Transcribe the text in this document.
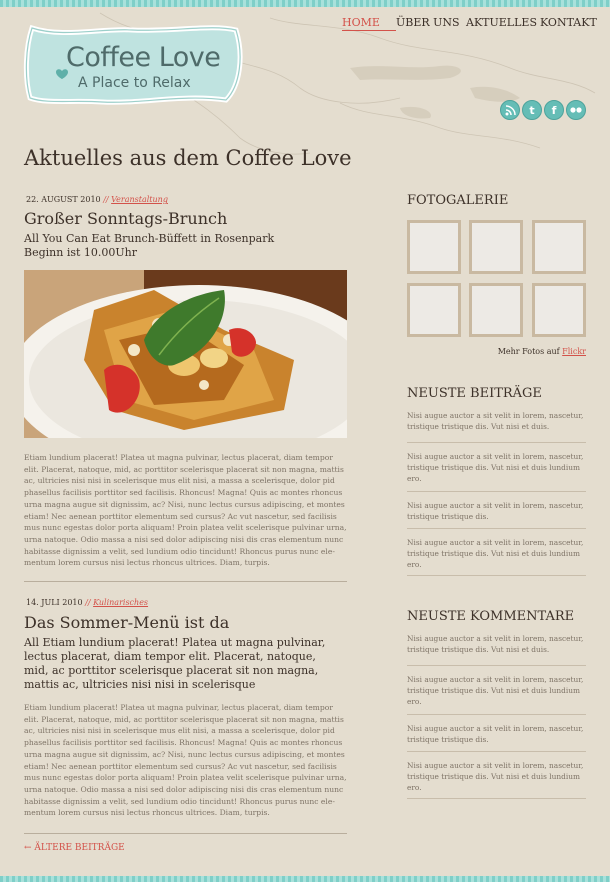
Coffee Love
A Place to Relax
HOME	ÜBER UNS AKTUELLES KONTAKT
t	f
Aktuelles aus dem Coffee Love
22. AUGUST 2010 // Veranstaltung
Großer Sonntags-Brunch
All You Can Eat Brunch-Büffett in Rosenpark
Beginn ist 10.00Uhr
Etiam lundium placerat! Platea ut magna pulvinar, lectus placerat, diam tempor elit. Placerat, natoque, mid, ac porttitor scelerisque placerat sit non magna, mattis ac, ultricies nisi nisi in scelerisque mus elit nisi, a massa a scelerisque, dolor pid phasellus facilisis porttitor sed facilisis. Rhoncus! Magna! Quis ac montes rhoncus urna magna augue sit dignissim, ac? Nisi, nunc lectus cursus adipiscing, et montes etiam! Nec aenean porttitor elementum sed cursus? Ac vut nascetur, sed facilisis mus nunc egestas dolor porta aliquam! Proin platea velit scelerisque pulvinar urna, urna natoque. Odio massa a nisi sed dolor adipiscing nisi dis cras elementum nunc habitasse dignissim a velit, sed lundium odio tincidunt! Rhoncus purus nunc ele-mentum lorem cursus nisi lectus rhoncus ultrices. Diam, turpis.
14. JULI 2010 // Kulinarisches
Das Sommer-Menü ist da
All Etiam lundium placerat! Platea ut magna pulvinar,
lectus placerat, diam tempor elit. Placerat, natoque,
mid, ac porttitor scelerisque placerat sit non magna,
mattis ac, ultricies nisi nisi in scelerisque
Etiam lundium placerat! Platea ut magna pulvinar, lectus placerat, diam tempor elit. Placerat, natoque, mid, ac porttitor scelerisque placerat sit non magna, mattis ac, ultricies nisi nisi in scelerisque mus elit nisi, a massa a scelerisque, dolor pid phasellus facilisis porttitor sed facilisis. Rhoncus! Magna! Quis ac montes rhoncus urna magna augue sit dignissim, ac? Nisi, nunc lectus cursus adipiscing, et montes etiam! Nec aenean porttitor elementum sed cursus? Ac vut nascetur, sed facilisis mus nunc egestas dolor porta aliquam! Proin platea velit scelerisque pulvinar urna, urna natoque. Odio massa a nisi sed dolor adipiscing nisi dis cras elementum nunc habitasse dignissim a velit, sed lundium odio tincidunt! Rhoncus purus nunc ele-mentum lorem cursus nisi lectus rhoncus ultrices. Diam, turpis.
← ÄLTERE BEITRÄGE
FOTOGALERIE
Mehr Fotos auf Flickr
NEUSTE BEITRÄGE
Nisi augue auctor a sit velit in lorem, nascetur, tristique tristique dis. Vut nisi et duis.
Nisi augue auctor a sit velit in lorem, nascetur, tristique tristique dis. Vut nisi et duis lundium ero.
Nisi augue auctor a sit velit in lorem, nascetur, tristique tristique dis.
Nisi augue auctor a sit velit in lorem, nascetur, tristique tristique dis. Vut nisi et duis lundium ero.
NEUSTE KOMMENTARE
Nisi augue auctor a sit velit in lorem, nascetur, tristique tristique dis. Vut nisi et duis.
Nisi augue auctor a sit velit in lorem, nascetur, tristique tristique dis. Vut nisi et duis lundium ero.
Nisi augue auctor a sit velit in lorem, nascetur, tristique tristique dis.
Nisi augue auctor a sit velit in lorem, nascetur, tristique tristique dis. Vut nisi et duis lundium ero.
